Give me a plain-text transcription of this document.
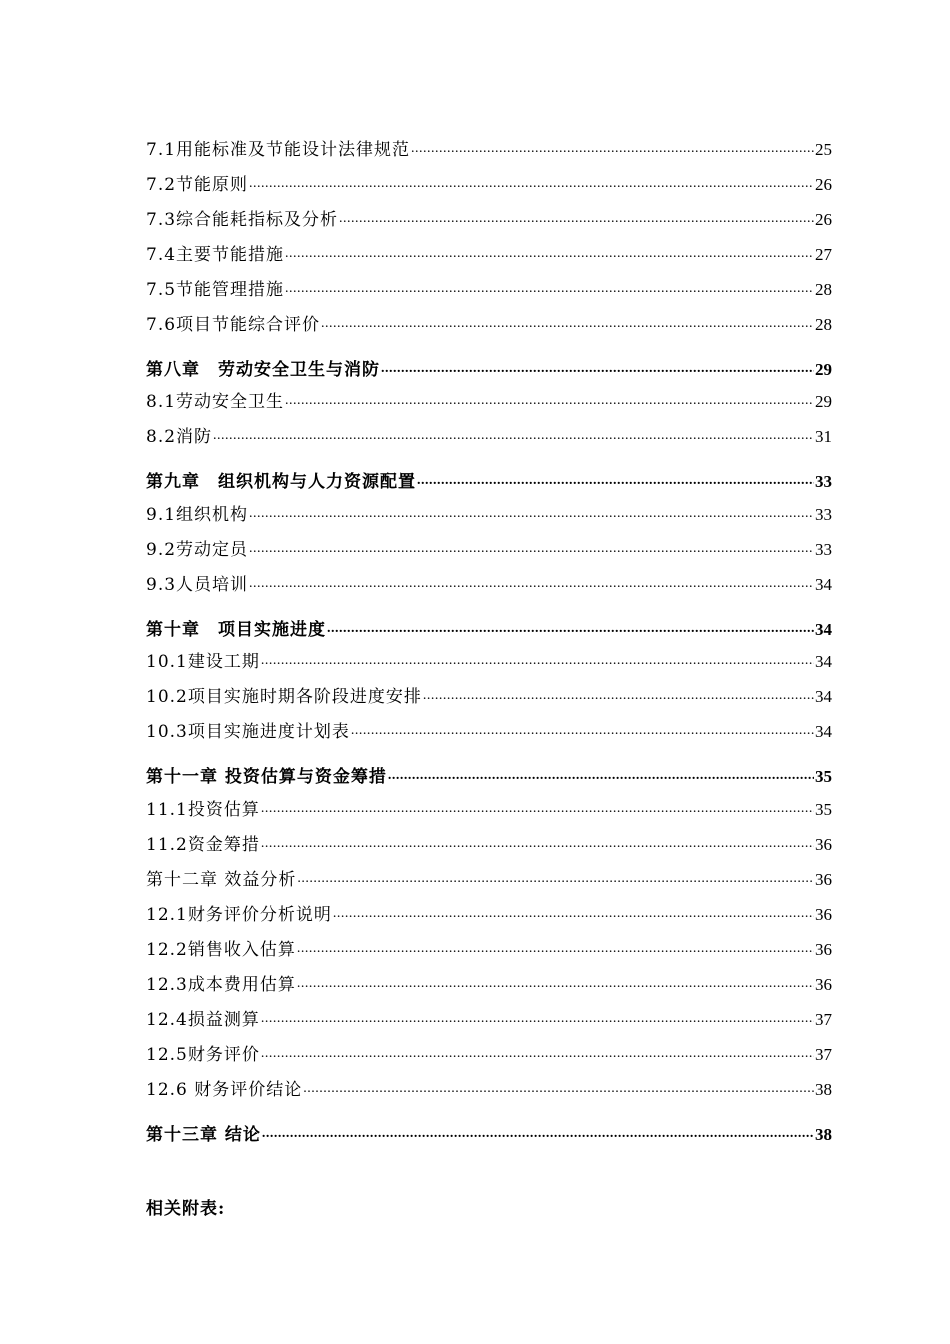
7.1用能标准及节能设计法律规范 .....	25
7.2节能原则 .....	26
7.3综合能耗指标及分析 .....	26
7.4主要节能措施 .....	27
7.5节能管理措施 .....	28
7.6项目节能综合评价 .....	28
第八章　劳动安全卫生与消防 .....	29
8.1劳动安全卫生 .....	29
8.2消防 .....	31
第九章　组织机构与人力资源配置 .....	33
9.1组织机构 .....	33
9.2劳动定员 .....	33
9.3人员培训 .....	34
第十章　项目实施进度 .....	34
10.1建设工期 .....	34
10.2项目实施时期各阶段进度安排 .....	34
10.3项目实施进度计划表 .....	34
第十一章 投资估算与资金筹措 .....	35
11.1投资估算 .....	35
11.2资金筹措 .....	36
第十二章 效益分析 .....	36
12.1财务评价分析说明 .....	36
12.2销售收入估算 .....	36
12.3成本费用估算 .....	36
12.4损益测算 .....	37
12.5财务评价 .....	37
12.6 财务评价结论 .....	38
第十三章 结论 .....	38
相关附表:
